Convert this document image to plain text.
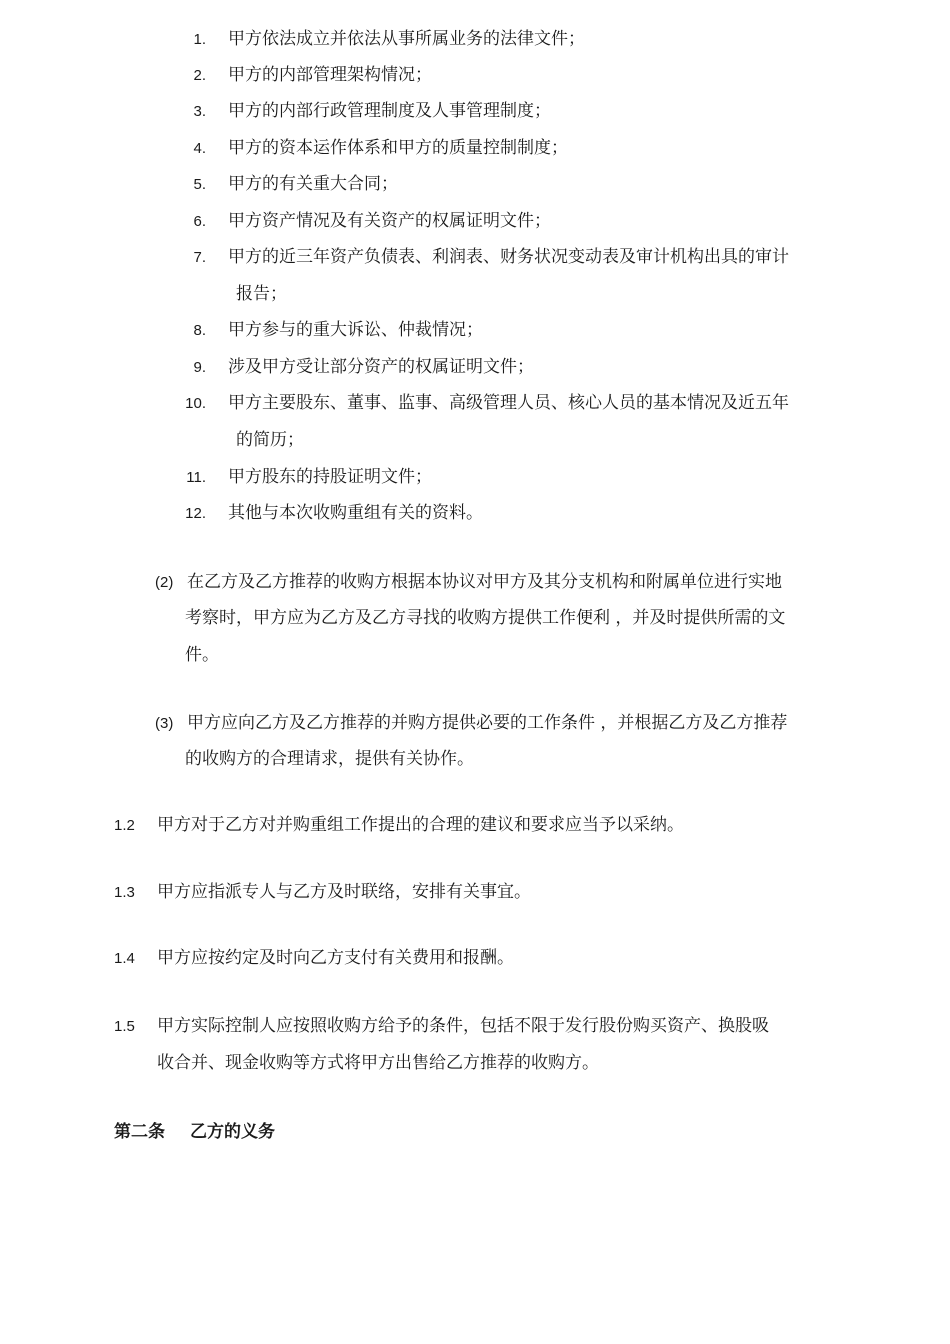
1. 甲方依法成立并依法从事所属业务的法律文件；
2. 甲方的内部管理架构情况；
3. 甲方的内部行政管理制度及人事管理制度；
4. 甲方的资本运作体系和甲方的质量控制制度；
5. 甲方的有关重大合同；
6. 甲方资产情况及有关资产的权属证明文件；
7. 甲方的近三年资产负债表、利润表、财务状况变动表及审计机构出具的审计
报告；
8. 甲方参与的重大诉讼、仲裁情况；
9. 涉及甲方受让部分资产的权属证明文件；
10. 甲方主要股东、董事、监事、高级管理人员、核心人员的基本情况及近五年
的简历；
11. 甲方股东的持股证明文件；
12. 其他与本次收购重组有关的资料。
(2) 在乙方及乙方推荐的收购方根据本协议对甲方及其分支机构和附属单位进行实地
考察时，甲方应为乙方及乙方寻找的收购方提供工作便利 ，并及时提供所需的文
件。
(3) 甲方应向乙方及乙方推荐的并购方提供必要的工作条件 ，并根据乙方及乙方推荐
的收购方的合理请求，提供有关协作。
1.2 甲方对于乙方对并购重组工作提出的合理的建议和要求应当予以采纳。
1.3 甲方应指派专人与乙方及时联络，安排有关事宜。
1.4 甲方应按约定及时向乙方支付有关费用和报酬。
1.5 甲方实际控制人应按照收购方给予的条件，包括不限于发行股份购买资产、换股吸
收合并、现金收购等方式将甲方出售给乙方推荐的收购方。
第二条 乙方的义务
